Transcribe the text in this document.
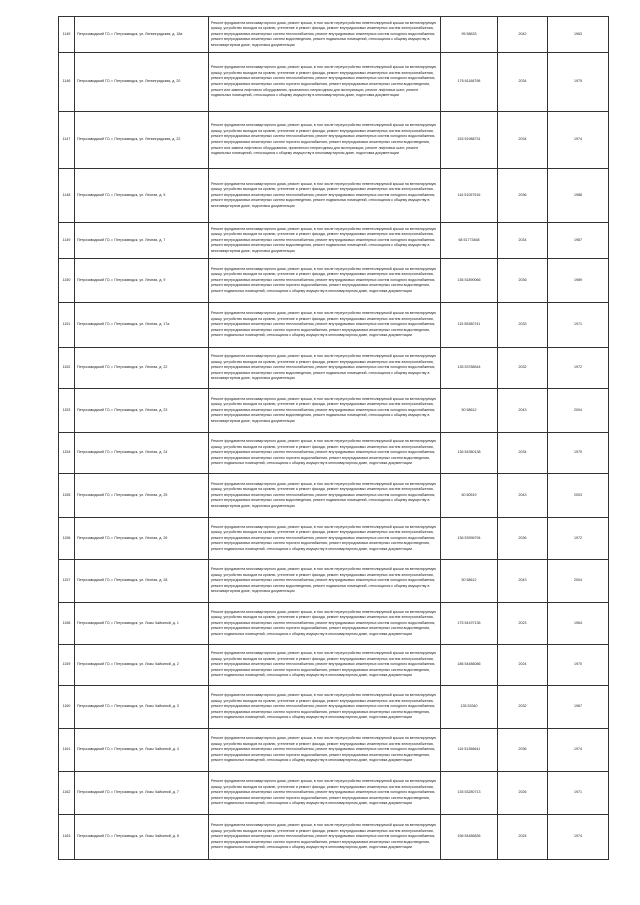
1145	Петрозаводский ГО, г. Петрозаводск, ул. Ленинградская, д. 18а	Ремонт фундамента многоквартирного дома, ремонт крыши, в том числе переустройство невентилируемой крыши на вентилируемую крышу, устройство выходов на кровлю, утепление и ремонт фасада, ремонт внутридомовых инженерных систем электроснабжения, ремонт внутридомовых инженерных систем теплоснабжения, ремонт внутридомовых инженерных систем холодного водоснабжения, ремонт внутридомовых инженерных систем водоотведения, ремонт подвальных помещений, относящихся к общему имуществу в многоквартирном доме, подготовка документации	95 58633	2042	1963
1146	Петрозаводский ГО, г. Петрозаводск, ул. Ленинградская, д. 20	Ремонт фундамента многоквартирного дома, ремонт крыши, в том числе переустройство невентилируемой крыши на вентилируемую крышу, устройство выходов на кровлю, утепление и ремонт фасада, ремонт внутридомовых инженерных систем электроснабжения, ремонт внутридомовых инженерных систем теплоснабжения, ремонт внутридомовых инженерных систем холодного водоснабжения, ремонт внутридомовых инженерных систем горячего водоснабжения, ремонт внутридомовых инженерных систем водоотведения, ремонт или замена лифтового оборудования, признанного непригодным для эксплуатации, ремонт лифтовых шахт, ремонт подвальных помещений, относящихся к общему имуществу в многоквартирном доме, подготовка документации	176 61168798	2034	1975
1147	Петрозаводский ГО, г. Петрозаводск, ул. Ленинградская, д. 22	Ремонт фундамента многоквартирного дома, ремонт крыши, в том числе переустройство невентилируемой крыши на вентилируемую крышу, устройство выходов на кровлю, утепление и ремонт фасада, ремонт внутридомовых инженерных систем электроснабжения, ремонт внутридомовых инженерных систем теплоснабжения, ремонт внутридомовых инженерных систем холодного водоснабжения, ремонт внутридомовых инженерных систем горячего водоснабжения, ремонт внутридомовых инженерных систем водоотведения, ремонт или замена лифтового оборудования, признанного непригодным для эксплуатации, ремонт лифтовых шахт, ремонт подвальных помещений, относящихся к общему имуществу в многоквартирном доме, подготовка документации	153 51988731	2034	1974
1148	Петрозаводский ГО, г. Петрозаводск, ул. Лесная, д. 5	Ремонт фундамента многоквартирного дома, ремонт крыши, в том числе переустройство невентилируемой крыши на вентилируемую крышу, устройство выходов на кровлю, утепление и ремонт фасада, ремонт внутридомовых инженерных систем электроснабжения, ремонт внутридомовых инженерных систем теплоснабжения, ремонт внутридомовых инженерных систем холодного водоснабжения, ремонт внутридомовых инженерных систем водоотведения, ремонт подвальных помещений, относящихся к общему имуществу в многоквартирном доме, подготовка документации	116 51057516	2036	1988
1149	Петрозаводский ГО, г. Петрозаводск, ул. Лесная, д. 7	Ремонт фундамента многоквартирного дома, ремонт крыши, в том числе переустройство невентилируемой крыши на вентилируемую крышу, устройство выходов на кровлю, утепление и ремонт фасада, ремонт внутридомовых инженерных систем электроснабжения, ремонт внутридомовых инженерных систем теплоснабжения, ремонт внутридомовых инженерных систем холодного водоснабжения, ремонт внутридомовых инженерных систем водоотведения, ремонт подвальных помещений, относящихся к общему имуществу в многоквартирном доме, подготовка документации	68 51773468	2034	1987
1150	Петрозаводский ГО, г. Петрозаводск, ул. Лесная, д. 9	Ремонт фундамента многоквартирного дома, ремонт крыши, в том числе переустройство невентилируемой крыши на вентилируемую крышу, устройство выходов на кровлю, утепление и ремонт фасада, ремонт внутридомовых инженерных систем электроснабжения, ремонт внутридомовых инженерных систем теплоснабжения, ремонт внутридомовых инженерных систем холодного водоснабжения, ремонт внутридомовых инженерных систем горячего водоснабжения, ремонт внутридомовых инженерных систем водоотведения, ремонт подвальных помещений, относящихся к общему имуществу в многоквартирном доме, подготовка документации	136 51890066	2036	1989
1151	Петрозаводский ГО, г. Петрозаводск, ул. Лесная, д. 17а	Ремонт фундамента многоквартирного дома, ремонт крыши, в том числе переустройство невентилируемой крыши на вентилируемую крышу, устройство выходов на кровлю, утепление и ремонт фасада, ремонт внутридомовых инженерных систем электроснабжения, ремонт внутридомовых инженерных систем теплоснабжения, ремонт внутридомовых инженерных систем холодного водоснабжения, ремонт внутридомовых инженерных систем горячего водоснабжения, ремонт внутридомовых инженерных систем водоотведения, ремонт подвальных помещений, относящихся к общему имуществу в многоквартирном доме, подготовка документации	115 55380741	2033	1971
1152	Петрозаводский ГО, г. Петрозаводск, ул. Лесная, д. 22	Ремонт фундамента многоквартирного дома, ремонт крыши, в том числе переустройство невентилируемой крыши на вентилируемую крышу, устройство выходов на кровлю, утепление и ремонт фасада, ремонт внутридомовых инженерных систем электроснабжения, ремонт внутридомовых инженерных систем теплоснабжения, ремонт внутридомовых инженерных систем холодного водоснабжения, ремонт внутридомовых инженерных систем водоотведения, ремонт подвальных помещений, относящихся к общему имуществу в многоквартирном доме, подготовка документации	135 53788544	2032	1972
1153	Петрозаводский ГО, г. Петрозаводск, ул. Лесная, д. 23	Ремонт фундамента многоквартирного дома, ремонт крыши, в том числе переустройство невентилируемой крыши на вентилируемую крышу, устройство выходов на кровлю, утепление и ремонт фасада, ремонт внутридомовых инженерных систем электроснабжения, ремонт внутридомовых инженерных систем теплоснабжения, ремонт внутридомовых инженерных систем холодного водоснабжения, ремонт внутридомовых инженерных систем водоотведения, ремонт подвальных помещений, относящихся к общему имуществу в многоквартирном доме, подготовка документации	50 58612	2043	2004
1154	Петрозаводский ГО, г. Петрозаводск, ул. Лесная, д. 24	Ремонт фундамента многоквартирного дома, ремонт крыши, в том числе переустройство невентилируемой крыши на вентилируемую крышу, устройство выходов на кровлю, утепление и ремонт фасада, ремонт внутридомовых инженерных систем электроснабжения, ремонт внутридомовых инженерных систем теплоснабжения, ремонт внутридомовых инженерных систем холодного водоснабжения, ремонт внутридомовых инженерных систем горячего водоснабжения, ремонт внутридомовых инженерных систем водоотведения, ремонт подвальных помещений, относящихся к общему имуществу в многоквартирном доме, подготовка документации	136 54380138	2034	1970
1155	Петрозаводский ГО, г. Петрозаводск, ул. Лесная, д. 25	Ремонт фундамента многоквартирного дома, ремонт крыши, в том числе переустройство невентилируемой крыши на вентилируемую крышу, устройство выходов на кровлю, утепление и ремонт фасада, ремонт внутридомовых инженерных систем электроснабжения, ремонт внутридомовых инженерных систем теплоснабжения, ремонт внутридомовых инженерных систем холодного водоснабжения, ремонт внутридомовых инженерных систем водоотведения, ремонт подвальных помещений, относящихся к общему имуществу в многоквартирном доме, подготовка документации	60 60519	2043	2003
1156	Петрозаводский ГО, г. Петрозаводск, ул. Лесная, д. 26	Ремонт фундамента многоквартирного дома, ремонт крыши, в том числе переустройство невентилируемой крыши на вентилируемую крышу, устройство выходов на кровлю, утепление и ремонт фасада, ремонт внутридомовых инженерных систем электроснабжения, ремонт внутридомовых инженерных систем теплоснабжения, ремонт внутридомовых инженерных систем холодного водоснабжения, ремонт внутридомовых инженерных систем горячего водоснабжения, ремонт внутридомовых инженерных систем водоотведения, ремонт подвальных помещений, относящихся к общему имуществу в многоквартирном доме, подготовка документации	136 53996794	2036	1972
1157	Петрозаводский ГО, г. Петрозаводск, ул. Лесная, д. 28	Ремонт фундамента многоквартирного дома, ремонт крыши, в том числе переустройство невентилируемой крыши на вентилируемую крышу, устройство выходов на кровлю, утепление и ремонт фасада, ремонт внутридомовых инженерных систем электроснабжения, ремонт внутридомовых инженерных систем теплоснабжения, ремонт внутридомовых инженерных систем холодного водоснабжения, ремонт внутридомовых инженерных систем водоотведения, ремонт подвальных помещений, относящихся к общему имуществу в многоквартирном доме, подготовка документации	50 58612	2043	2004
1158	Петрозаводский ГО, г. Петрозаводск, ул. Лизы Чайкиной, д. 1	Ремонт фундамента многоквартирного дома, ремонт крыши, в том числе переустройство невентилируемой крыши на вентилируемую крышу, устройство выходов на кровлю, утепление и ремонт фасада, ремонт внутридомовых инженерных систем электроснабжения, ремонт внутридомовых инженерных систем теплоснабжения, ремонт внутридомовых инженерных систем холодного водоснабжения, ремонт внутридомовых инженерных систем горячего водоснабжения, ремонт внутридомовых инженерных систем водоотведения, ремонт подвальных помещений, относящихся к общему имуществу в многоквартирном доме, подготовка документации	175 54197136	2023	1964
1159	Петрозаводский ГО, г. Петрозаводск, ул. Лизы Чайкиной, д. 2	Ремонт фундамента многоквартирного дома, ремонт крыши, в том числе переустройство невентилируемой крыши на вентилируемую крышу, устройство выходов на кровлю, утепление и ремонт фасада, ремонт внутридомовых инженерных систем электроснабжения, ремонт внутридомовых инженерных систем теплоснабжения, ремонт внутридомовых инженерных систем холодного водоснабжения, ремонт внутридомовых инженерных систем горячего водоснабжения, ремонт внутридомовых инженерных систем водоотведения, ремонт подвальных помещений, относящихся к общему имуществу в многоквартирном доме, подготовка документации	186 54486086	2024	1970
1160	Петрозаводский ГО, г. Петрозаводск, ул. Лизы Чайкиной, д. 3	Ремонт фундамента многоквартирного дома, ремонт крыши, в том числе переустройство невентилируемой крыши на вентилируемую крышу, устройство выходов на кровлю, утепление и ремонт фасада, ремонт внутридомовых инженерных систем электроснабжения, ремонт внутридомовых инженерных систем теплоснабжения, ремонт внутридомовых инженерных систем холодного водоснабжения, ремонт внутридомовых инженерных систем горячего водоснабжения, ремонт внутридомовых инженерных систем водоотведения, ремонт подвальных помещений, относящихся к общему имуществу в многоквартирном доме, подготовка документации	135 53340	2032	1967
1161	Петрозаводский ГО, г. Петрозаводск, ул. Лизы Чайкиной, д. 4	Ремонт фундамента многоквартирного дома, ремонт крыши, в том числе переустройство невентилируемой крыши на вентилируемую крышу, устройство выходов на кровлю, утепление и ремонт фасада, ремонт внутридомовых инженерных систем электроснабжения, ремонт внутридомовых инженерных систем теплоснабжения, ремонт внутридомовых инженерных систем холодного водоснабжения, ремонт внутридомовых инженерных систем горячего водоснабжения, ремонт внутридомовых инженерных систем водоотведения, ремонт подвальных помещений, относящихся к общему имуществу в многоквартирном доме, подготовка документации	116 51366641	2036	1974
1162	Петрозаводский ГО, г. Петрозаводск, ул. Лизы Чайкиной, д. 7	Ремонт фундамента многоквартирного дома, ремонт крыши, в том числе переустройство невентилируемой крыши на вентилируемую крышу, устройство выходов на кровлю, утепление и ремонт фасада, ремонт внутридомовых инженерных систем электроснабжения, ремонт внутридомовых инженерных систем теплоснабжения, ремонт внутридомовых инженерных систем холодного водоснабжения, ремонт внутридомовых инженерных систем горячего водоснабжения, ремонт внутридомовых инженерных систем водоотведения, ремонт подвальных помещений, относящихся к общему имуществу в многоквартирном доме, подготовка документации	135 53280713	2026	1971
1163	Петрозаводский ГО, г. Петрозаводск, ул. Лизы Чайкиной, д. 8	Ремонт фундамента многоквартирного дома, ремонт крыши, в том числе переустройство невентилируемой крыши на вентилируемую крышу, устройство выходов на кровлю, утепление и ремонт фасада, ремонт внутридомовых инженерных систем электроснабжения, ремонт внутридомовых инженерных систем теплоснабжения, ремонт внутридомовых инженерных систем холодного водоснабжения, ремонт внутридомовых инженерных систем горячего водоснабжения, ремонт внутридомовых инженерных систем водоотведения, ремонт подвальных помещений, относящихся к общему имуществу в многоквартирном доме, подготовка документации	156 54486836	2024	1974
